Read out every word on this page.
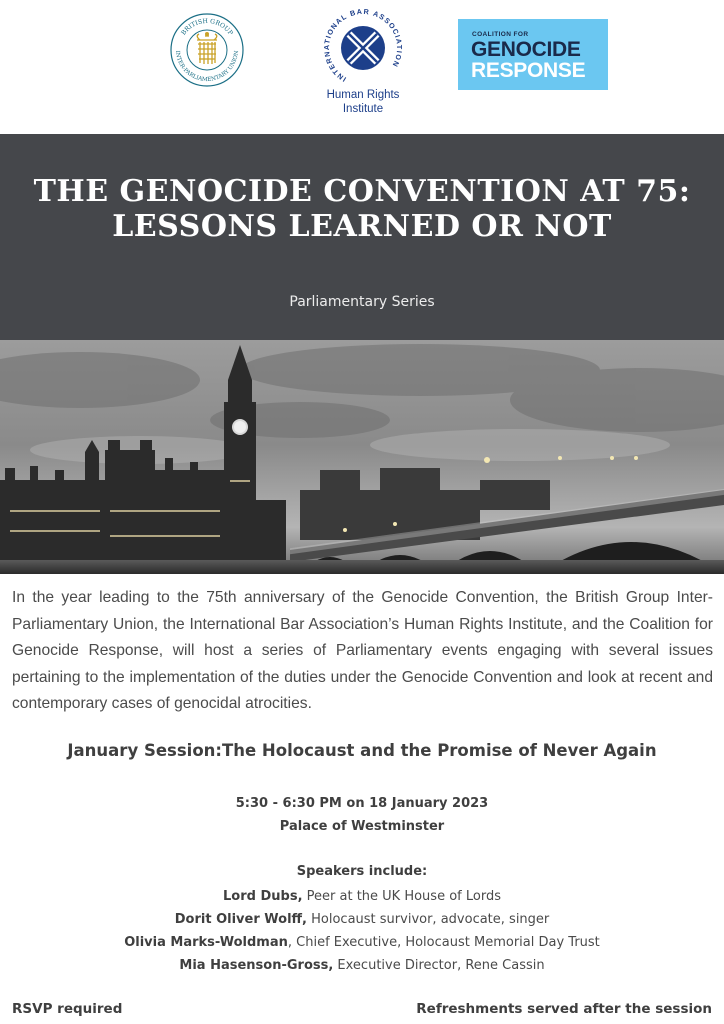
BRITISH GROUP
INTER-PARLIAMENTARY UNION
INTERNATIONAL BAR ASSOCIATION
Human Rights
Institute
COALITION FOR
GENOCIDE
RESPONSE
THE GENOCIDE CONVENTION AT 75:
LESSONS LEARNED OR NOT
Parliamentary Series

In the year leading to the 75th anniversary of the Genocide Convention, the British Group Inter-Parliamentary Union, the International Bar Association’s Human Rights Institute, and the Coalition for Genocide Response, will host a series of Parliamentary events engaging with several issues pertaining to the implementation of the duties under the Genocide Convention and look at recent and contemporary cases of genocidal atrocities.

January Session:The Holocaust and the Promise of Never Again
5:30 - 6:30 PM on 18 January 2023
Palace of Westminster
Speakers include:
Lord Dubs, Peer at the UK House of Lords
Dorit Oliver Wolff, Holocaust survivor, advocate, singer
Olivia Marks-Woldman, Chief Executive, Holocaust Memorial Day Trust
Mia Hasenson-Gross, Executive Director, Rene Cassin
RSVP required	Refreshments served after the session
